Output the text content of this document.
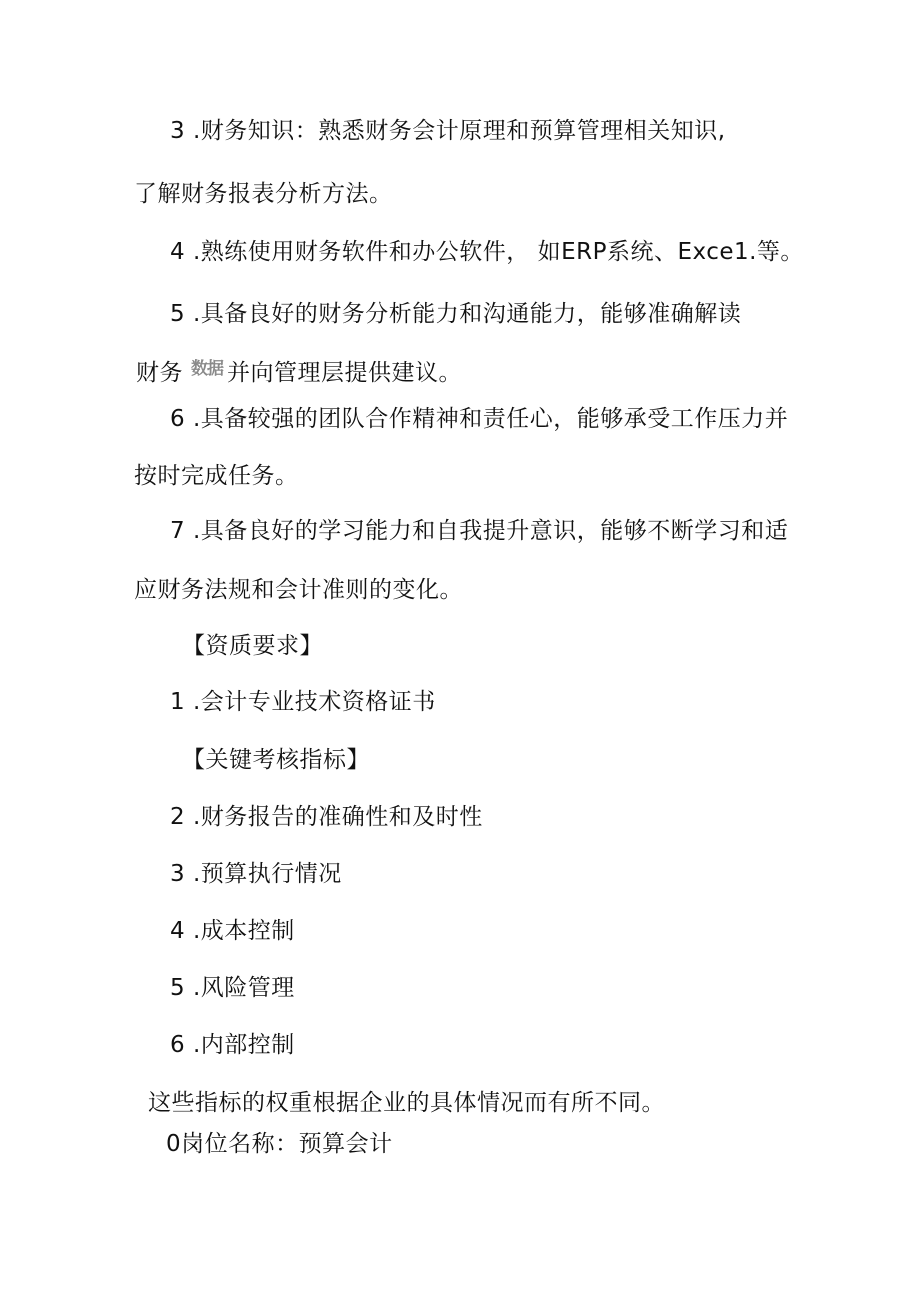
3 .财务知识：熟悉财务会计原理和预算管理相关知识,
了解财务报表分析方法。
4 .熟练使用财务软件和办公软件， 如ERP系统、Exce1.等。
5 .具备良好的财务分析能力和沟通能力，能够准确解读
财务 数据 并向管理层提供建议。
6 .具备较强的团队合作精神和责任心，能够承受工作压力并
按时完成任务。
7 .具备良好的学习能力和自我提升意识，能够不断学习和适
应财务法规和会计准则的变化。
【资质要求】
1 .会计专业技术资格证书
【关键考核指标】
2 .财务报告的准确性和及时性
3 .预算执行情况
4 .成本控制
5 .风险管理
6 .内部控制
这些指标的权重根据企业的具体情况而有所不同。
0岗位名称：预算会计
